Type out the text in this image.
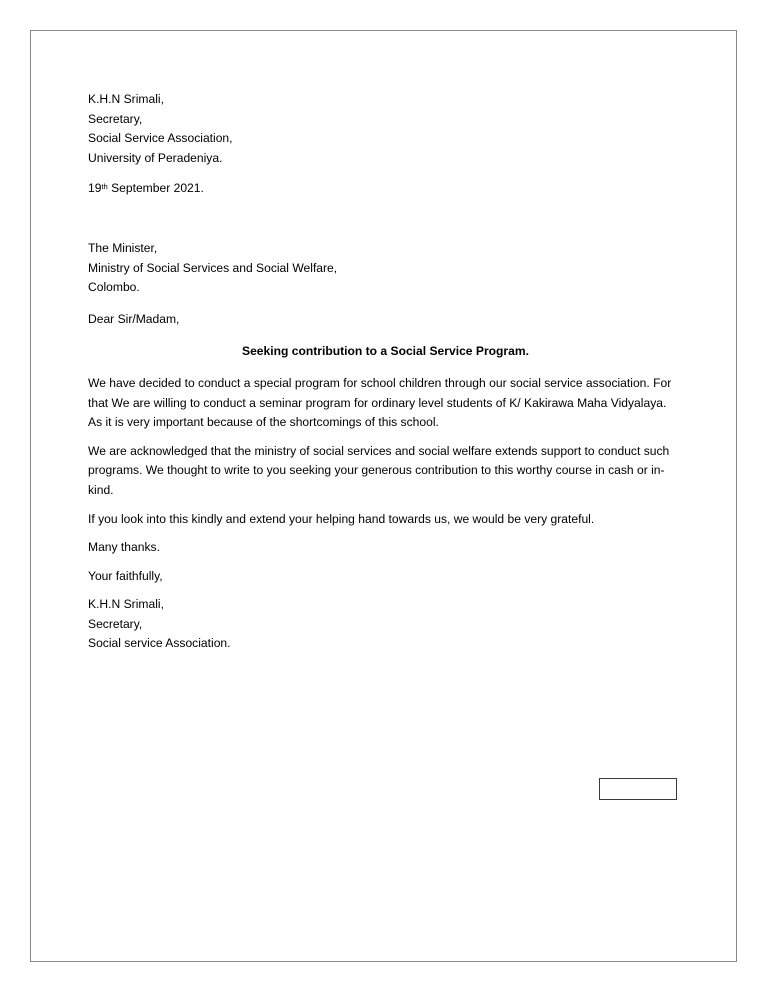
K.H.N Srimali,
Secretary,
Social Service Association,
University of Peradeniya.
19th September 2021.
The Minister,
Ministry of Social Services and Social Welfare,
Colombo.
Dear Sir/Madam,
Seeking contribution to a Social Service Program.
We have decided to conduct a special program for school children through our social service association. For that We are willing to conduct a seminar program for ordinary level students of K/ Kakirawa Maha Vidyalaya. As it is very important because of the shortcomings of this school.
We are acknowledged that the ministry of social services and social welfare extends support to conduct such programs. We thought to write to you seeking your generous contribution to this worthy course in cash or in-kind.
If you look into this kindly and extend your helping hand towards us, we would be very grateful.
Many thanks.
Your faithfully,
K.H.N Srimali,
Secretary,
Social service Association.
